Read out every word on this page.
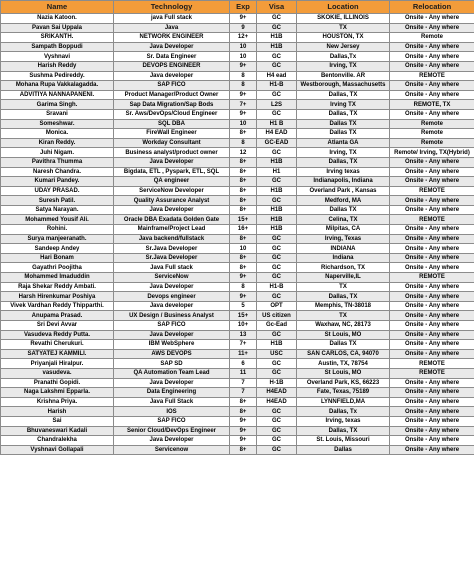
Name	Technology	Exp	Visa	Location	Relocation
Nazia Katoon.	java Full stack	9+	GC	SKOKIE, ILLINOIS	Onsite - Any where
Pavan Sai Uppala	Java	9	GC	TX	Onsite - Any where
SRIKANTH.	NETWORK ENGINEER	12+	H1B	HOUSTON, TX	Remote
Sampath Boppudi	Java Developer	10	H1B	New Jersey	Onsite - Any where
Vyshnavi	Sr. Data Engineer	10	GC	Dallas,Tx	Onsite - Any where
Harish Reddy	DEVOPS ENGINEER	9+	GC	Irving, TX	Onsite - Any where
Sushma Pedireddy.	Java developer	8	H4 ead	Bentonville. AR	REMOTE
Mohana Rupa Vakkalagadda.	SAP FICO	8	H1-B	Westborough, Massachusetts	Onsite - Any where
ADVITIYA NANNAPANENI.	Product Manager/Product Owner	9+	GC	Dallas, TX	Onsite - Any where
Garima Singh.	Sap Data Migration/Sap Bods	7+	L2S	Irving TX	REMOTE, TX
Sravani	Sr. Aws/DevOps/Cloud Engineer	9+	GC	Dallas, TX	Onsite - Any where
Someshwar.	SQL DBA	10	H1 B	Dallas TX	Remote
Monica.	FireWall Engineer	8+	H4 EAD	Dallas TX	Remote
Kiran Reddy.	Workday Consultant	8	GC-EAD	Atlanta GA	Remote
Juhi Nigam.	Business analyst/product owner	12	GC	Irving, TX	Remote/ Irving, TX(Hybrid)
Pavithra Thumma	Java Developer	8+	H1B	Dallas, TX	Onsite - Any where
Naresh Chandra.	Bigdata, ETL , Pyspark, ETL, SQL	8+	H1	Irving texas	Onsite - Any where
Kumari Pandey.	QA engineer	8+	GC	Indianapolis, Indiana	Onsite - Any where
UDAY PRASAD.	ServiceNow Developer	8+	H1B	Overland Park , Kansas	REMOTE
Suresh Patil.	Quality Assurance Analyst	8+	GC	Medford, MA	Onsite - Any where
Satya Narayan.	Java Developer	8+	H1B	Dallas TX	Onsite - Any where
Mohammed Yousif Ali.	Oracle DBA Exadata Golden Gate	15+	H1B	Celina, TX	REMOTE
Rohini.	Mainframe/Project Lead	16+	H1B	Milpitas, CA	Onsite - Any where
Surya manjeeranath.	Java backend/fullstack	8+	GC	Irving, Texas	Onsite - Any where
Sandeep Andey	Sr.Java Developer	10	GC	INDIANA	Onsite - Any where
Hari Bonam	Sr.Java Developer	8+	GC	Indiana	Onsite - Any where
Gayathri Poojitha	Java Full stack	8+	GC	Richardson, TX	Onsite - Any where
Mohammed Imaduddin	ServiceNow	9+	GC	Naperville,IL	REMOTE
Raja Shekar Reddy Ambati.	Java Developer	8	H1-B	TX	Onsite - Any where
Harsh Hirenkumar Poshiya	Devops engineer	9+	GC	Dallas, TX	Onsite - Any where
Vivek Vardhan Reddy Thipparthi.	Java developer	5	OPT	Memphis, TN-38018	Onsite - Any where
Anupama Prasad.	UX Design / Business Analyst	15+	US citizen	TX	Onsite - Any where
Sri Devi Avvar	SAP FICO	10+	Gc-Ead	Waxhaw, NC, 28173	Onsite - Any where
Vasudeva Reddy Putta.	Java Developer	13	GC	St Louis, MO	Onsite - Any where
Revathi Cherukuri.	IBM WebSphere	7+	H1B	Dallas TX	Onsite - Any where
SATYATEJ KAMMILI.	AWS DEVOPS	11+	USC	SAN CARLOS, CA, 94070	Onsite - Any where
Priyanjali Hiralpur.	SAP SD	6	GC	Austin, TX, 78754	REMOTE
vasudeva.	QA Automation Team Lead	11	GC	St Louis, MO	REMOTE
Pranathi Gopidi.	Java Developer	7	H-1B	Overland Park, KS, 66223	Onsite - Any where
Naga Lakshmi Epparla.	Data Engineering	7	H4EAD	Fate, Texas, 75189	Onsite - Any where
Krishna Priya.	Java Full Stack	8+	H4EAD	LYNNFIELD,MA	Onsite - Any where
Harish	IOS	8+	GC	Dallas, Tx	Onsite - Any where
Sai	SAP FICO	9+	GC	Irving, texas	Onsite - Any where
Bhuvaneswari Kadali	Senior Cloud/DevOps Engineer	9+	GC	Dallas, TX	Onsite - Any where
Chandralekha	Java Developer	9+	GC	St. Louis, Missouri	Onsite - Any where
Vyshnavi Gollapali	Servicenow	8+	GC	Dallas	Onsite - Any where
